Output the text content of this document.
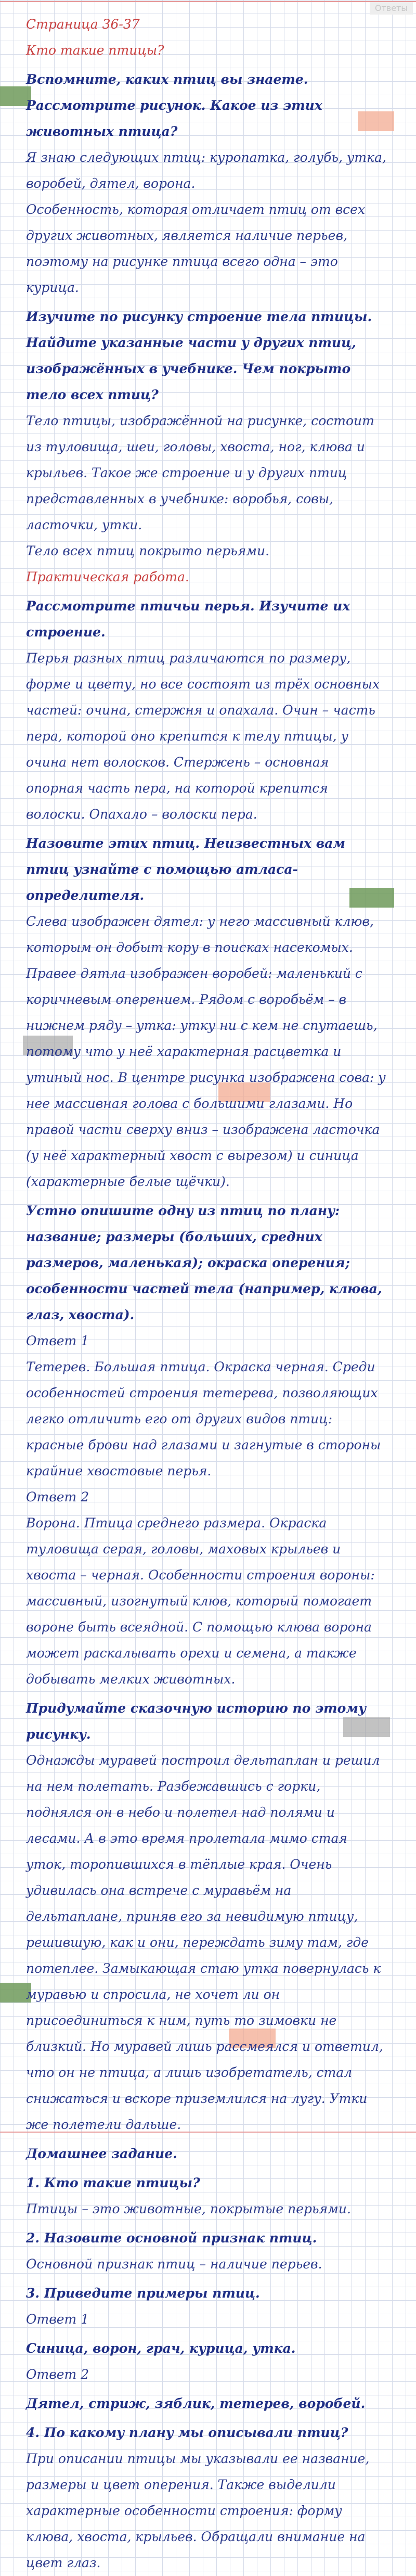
Ответы
Страница 36-37
Кто такие птицы?
Вспомните, каких птиц вы знаете. Рассмотрите рисунок. Какое из этих животных птица?
Я знаю следующих птиц: куропатка, голубь, утка, воробей, дятел, ворона.
Особенность, которая отличает птиц от всех других животных, является наличие перьев, поэтому на рисунке птица всего одна – это курица.
Изучите по рисунку строение тела птицы. Найдите указанные части у других птиц, изображённых в учебнике. Чем покрыто тело всех птиц?
Тело птицы, изображённой на рисунке, состоит из туловища, шеи, головы, хвоста, ног, клюва и крыльев. Такое же строение и у других птиц представленных в учебнике: воробья, совы, ласточки, утки.
Тело всех птиц покрыто перьями.
Практическая работа.
Рассмотрите птичьи перья. Изучите их строение.
Перья разных птиц различаются по размеру, форме и цвету, но все состоят из трёх основных частей: очина, стержня и опахала. Очин – часть пера, которой оно крепится к телу птицы, у очина нет волосков. Стержень – основная опорная часть пера, на которой крепится волоски. Опахало – волоски пера.
Назовите этих птиц. Неизвестных вам птиц узнайте с помощью атласа-определителя.
Слева изображен дятел: у него массивный клюв, которым он добыт кору в поисках насекомых. Правее дятла изображен воробей: маленький с коричневым оперением. Рядом с воробьём – в нижнем ряду – утка: утку ни с кем не спутаешь, потому что у неё характерная расцветка и утиный нос. В центре рисунка изображена сова: у нее массивная голова с большими глазами. Но правой части сверху вниз – изображена ласточка (у неё характерный хвост с вырезом) и синица (характерные белые щёчки).
Устно опишите одну из птиц по плану: название; размеры (больших, средних размеров, маленькая); окраска оперения; особенности частей тела (например, клюва, глаз, хвоста).
Ответ 1
Тетерев. Большая птица. Окраска черная. Среди особенностей строения тетерева, позволяющих легко отличить его от других видов птиц: красные брови над глазами и загнутые в стороны крайние хвостовые перья.
Ответ 2
Ворона. Птица среднего размера. Окраска туловища серая, головы, маховых крыльев и хвоста – черная. Особенности строения вороны: массивный, изогнутый клюв, который помогает вороне быть всеядной. С помощью клюва ворона может раскалывать орехи и семена, а также добывать мелких животных.
Придумайте сказочную историю по этому рисунку.
Однажды муравей построил дельтаплан и решил на нем полетать. Разбежавшись с горки, поднялся он в небо и полетел над полями и лесами. А в это время пролетала мимо стая уток, торопившихся в тёплые края. Очень удивилась она встрече с муравьём на дельтаплане, приняв его за невидимую птицу, решившую, как и они, переждать зиму там, где потеплее. Замыкающая стаю утка повернулась к муравью и спросила, не хочет ли он присоединиться к ним, путь то зимовки не близкий. Но муравей лишь рассмеялся и ответил, что он не птица, а лишь изобретатель, стал снижаться и вскоре приземлился на лугу. Утки же полетели дальше.
Домашнее задание.
1. Кто такие птицы?
Птицы – это животные, покрытые перьями.
2. Назовите основной признак птиц.
Основной признак птиц – наличие перьев.
3. Приведите примеры птиц.
Ответ 1
Синица, ворон, грач, курица, утка.
Ответ 2
Дятел, стриж, зяблик, тетерев, воробей.
4. По какому плану мы описывали птиц?
При описании птицы мы указывали ее название, размеры и цвет оперения. Также выделили характерные особенности строения: форму клюва, хвоста, крыльев. Обращали внимание на цвет глаз.
